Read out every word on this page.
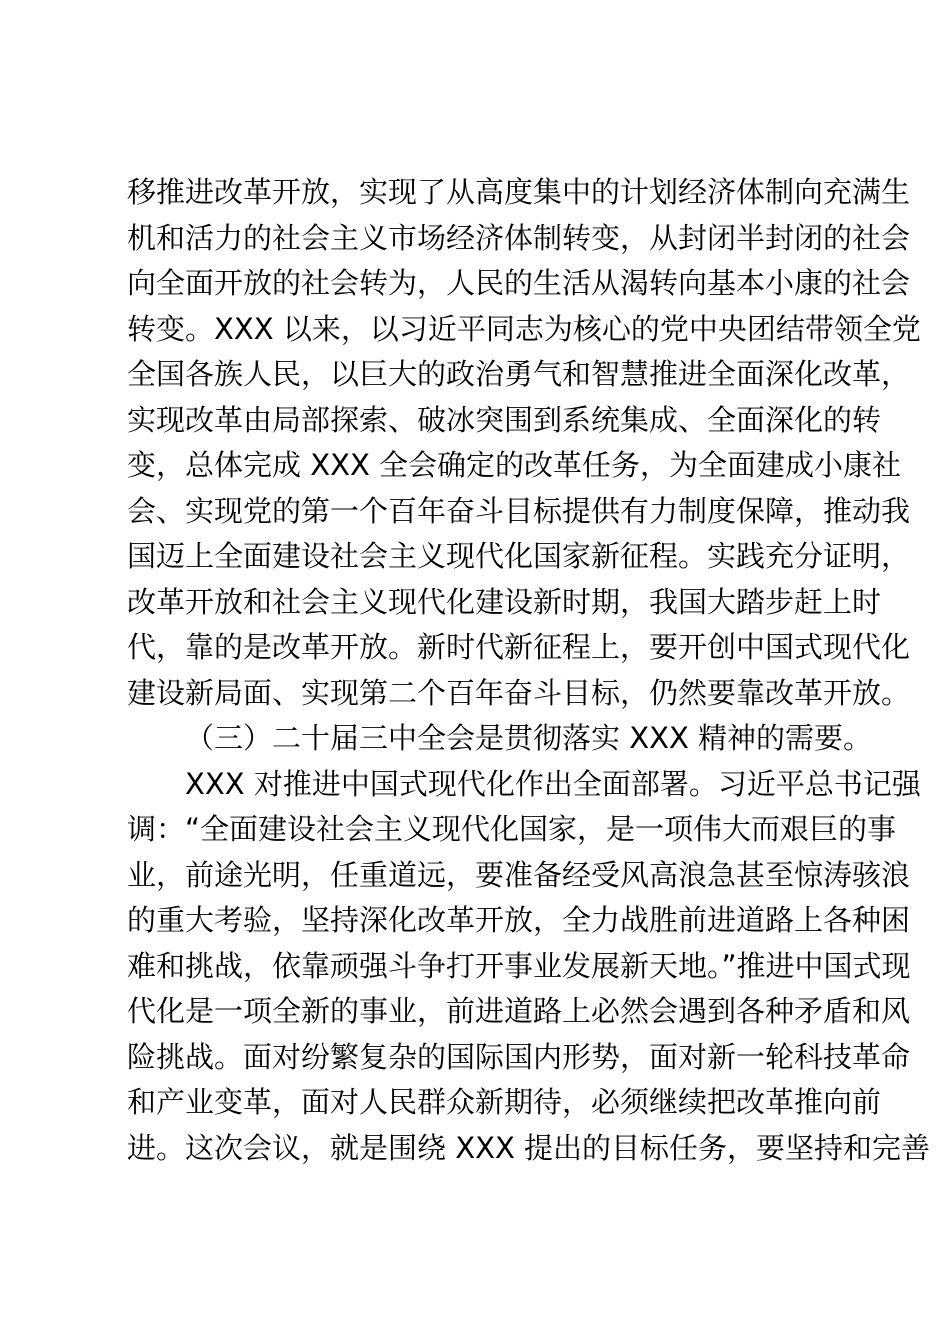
移推进改革开放，实现了从高度集中的计划经济体制向充满生
机和活力的社会主义市场经济体制转变，从封闭半封闭的社会
向全面开放的社会转为，人民的生活从渴转向基本小康的社会
转变。XXX 以来，以习近平同志为核心的党中央团结带领全党
全国各族人民，以巨大的政治勇气和智慧推进全面深化改革，
实现改革由局部探索、破冰突围到系统集成、全面深化的转
变，总体完成 XXX 全会确定的改革任务，为全面建成小康社
会、实现党的第一个百年奋斗目标提供有力制度保障，推动我
国迈上全面建设社会主义现代化国家新征程。实践充分证明，
改革开放和社会主义现代化建设新时期，我国大踏步赶上时
代，靠的是改革开放。新时代新征程上，要开创中国式现代化
建设新局面、实现第二个百年奋斗目标，仍然要靠改革开放。
（三）二十届三中全会是贯彻落实 XXX 精神的需要。
XXX 对推进中国式现代化作出全面部署。习近平总书记强
调：“全面建设社会主义现代化国家，是一项伟大而艰巨的事
业，前途光明，任重道远，要准备经受风高浪急甚至惊涛骇浪
的重大考验，坚持深化改革开放，全力战胜前进道路上各种困
难和挑战，依靠顽强斗争打开事业发展新天地。”推进中国式现
代化是一项全新的事业，前进道路上必然会遇到各种矛盾和风
险挑战。面对纷繁复杂的国际国内形势，面对新一轮科技革命
和产业变革，面对人民群众新期待，必须继续把改革推向前
进。这次会议，就是围绕 XXX 提出的目标任务，要坚持和完善
